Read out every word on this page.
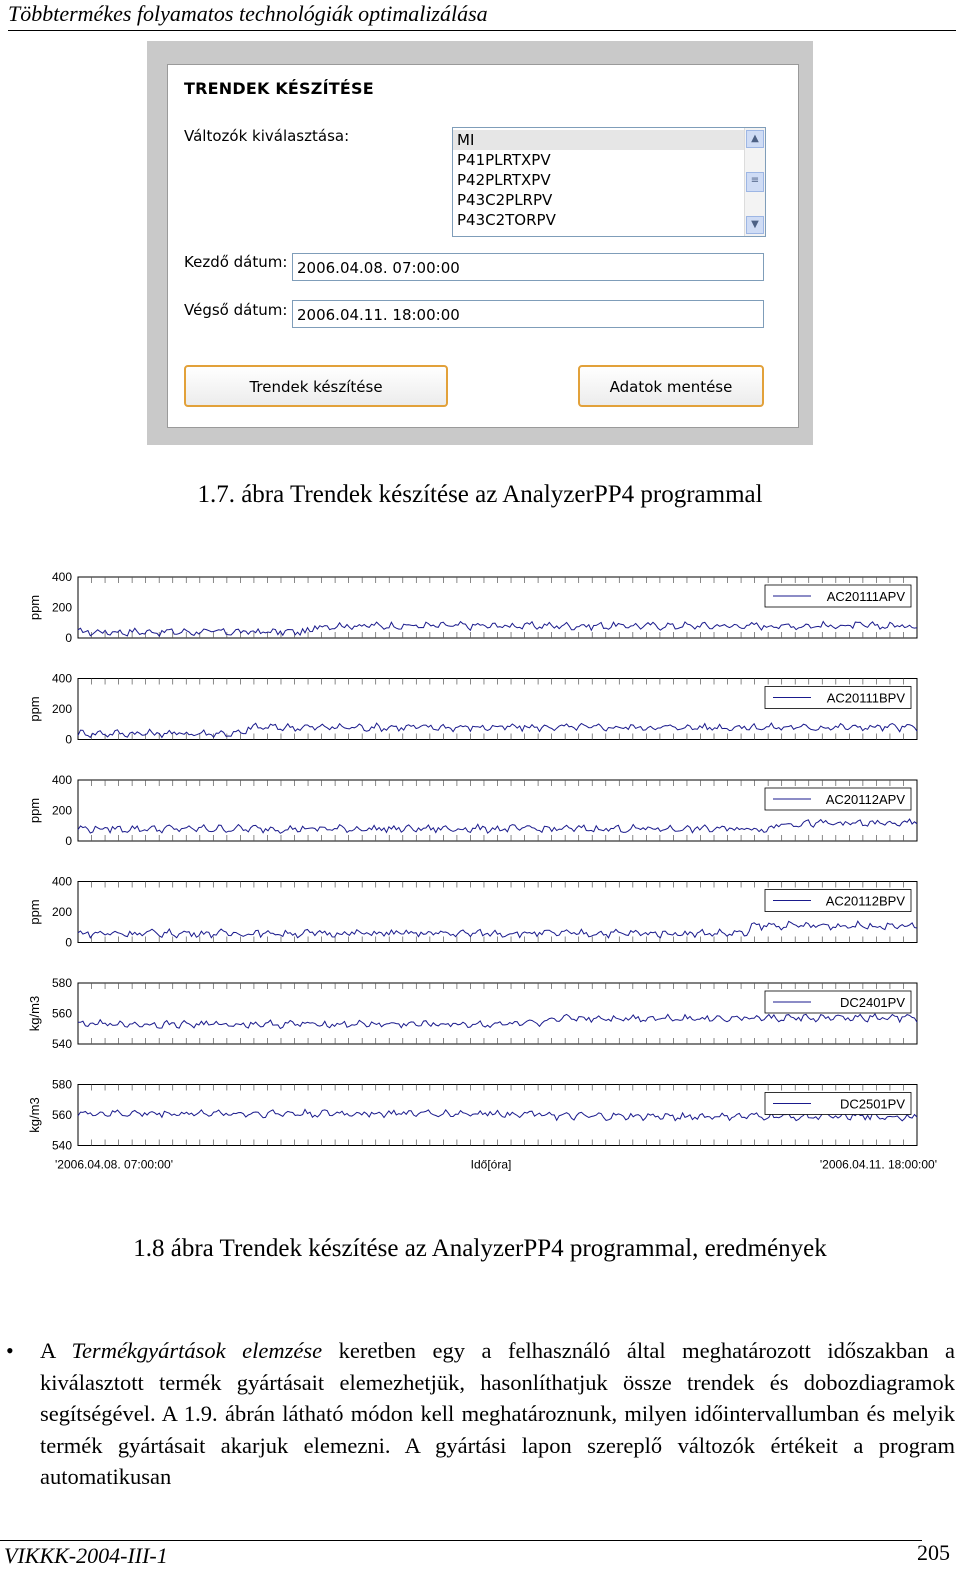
Többtermékes folyamatos technológiák optimalizálása
TRENDEK KÉSZÍTÉSE
Változók kiválasztása:	MI
P41PLRTXPV
P42PLRTXPV
P43C2PLRPV
P43C2TORPV
▲
≡
▼
Kezdő dátum: 2006.04.08. 07:00:00
Végső dátum: 2006.04.11. 18:00:00
Trendek készítése	Adatok mentése
1.7. ábra Trendek készítése az AnalyzerPP4 programmal
400
200
0
ppm	AC20111APV
400
200
0
ppm	AC20111BPV
400
200
0
ppm	AC20112APV
400
200
0
ppm	AC20112BPV
580
560
540
kg/m3	DC2401PV
580
560
540
kg/m3	DC2501PV
'2006.04.08. 07:00:00'	Idő[óra]	'2006.04.11. 18:00:00'
1.8 ábra Trendek készítése az AnalyzerPP4 programmal, eredmények
• A Termékgyártások elemzése keretben egy a felhasználó által meghatározott időszakban a kiválasztott termék gyártásait elemezhetjük, hasonlíthatjuk össze trendek és dobozdiagramok segítségével. A 1.9. ábrán látható módon kell meghatároznunk, milyen időintervallumban és melyik termék gyártásait akarjuk elemezni. A gyártási lapon szereplő változók értékeit a program automatikusan
VIKKK-2004-III-1	205
